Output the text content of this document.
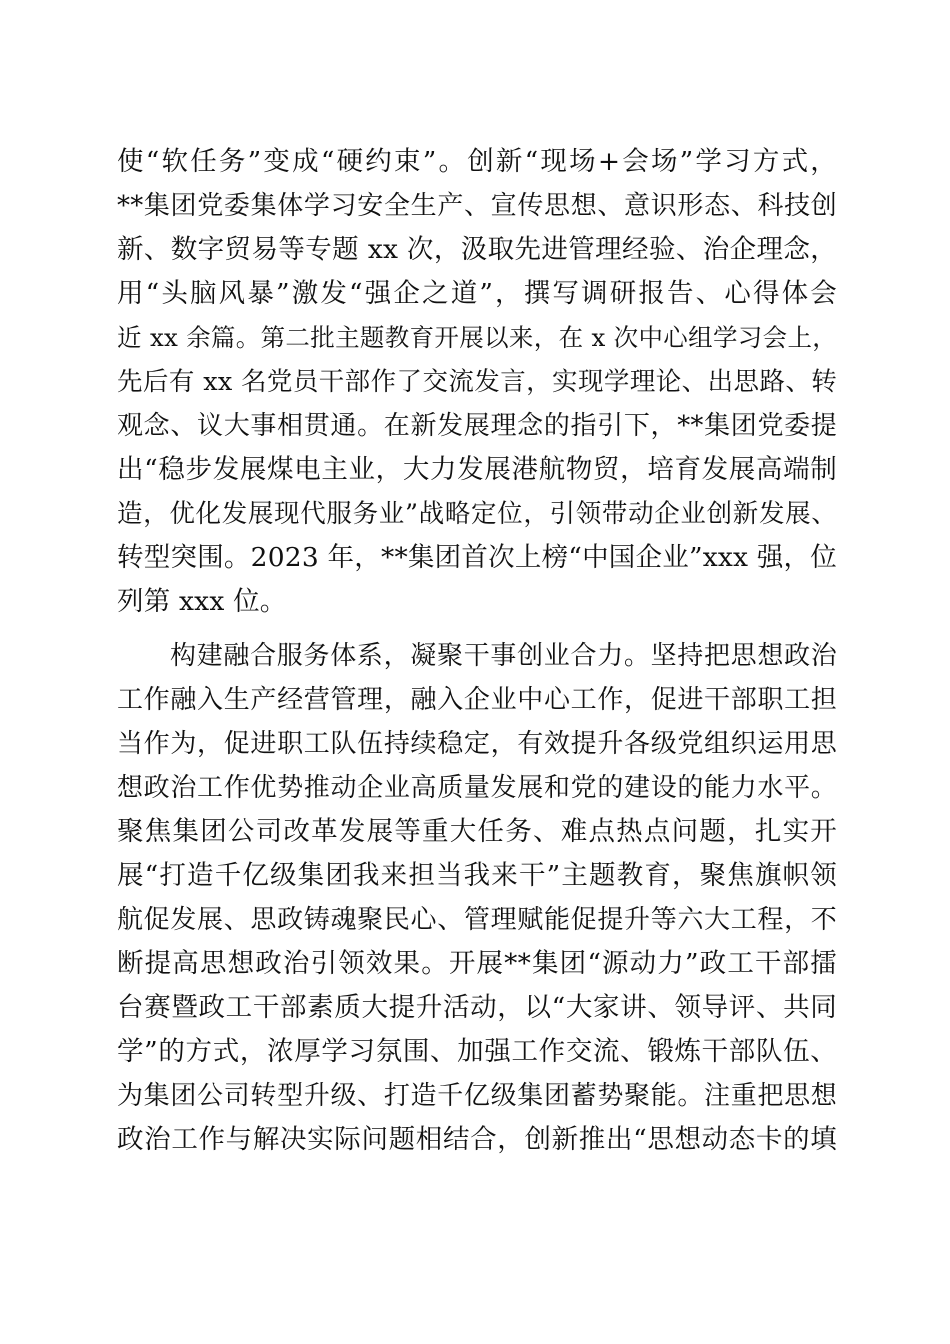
使“软任务”变成“硬约束”。创新“现场+会场”学习方式，
**集团党委集体学习安全生产、宣传思想、意识形态、科技创
新、数字贸易等专题 xx 次，汲取先进管理经验、治企理念，
用“头脑风暴”激发“强企之道”，撰写调研报告、心得体会
近 xx 余篇。第二批主题教育开展以来，在 x 次中心组学习会上，
先后有 xx 名党员干部作了交流发言，实现学理论、出思路、转
观念、议大事相贯通。在新发展理念的指引下，**集团党委提
出“稳步发展煤电主业，大力发展港航物贸，培育发展高端制
造，优化发展现代服务业”战略定位，引领带动企业创新发展、
转型突围。2023 年，**集团首次上榜“中国企业”xxx 强，位
列第 xxx 位。
构建融合服务体系，凝聚干事创业合力。坚持把思想政治
工作融入生产经营管理，融入企业中心工作，促进干部职工担
当作为，促进职工队伍持续稳定，有效提升各级党组织运用思
想政治工作优势推动企业高质量发展和党的建设的能力水平。
聚焦集团公司改革发展等重大任务、难点热点问题，扎实开
展“打造千亿级集团我来担当我来干”主题教育，聚焦旗帜领
航促发展、思政铸魂聚民心、管理赋能促提升等六大工程，不
断提高思想政治引领效果。开展**集团“源动力”政工干部擂
台赛暨政工干部素质大提升活动，以“大家讲、领导评、共同
学”的方式，浓厚学习氛围、加强工作交流、锻炼干部队伍、
为集团公司转型升级、打造千亿级集团蓄势聚能。注重把思想
政治工作与解决实际问题相结合，创新推出“思想动态卡的填
